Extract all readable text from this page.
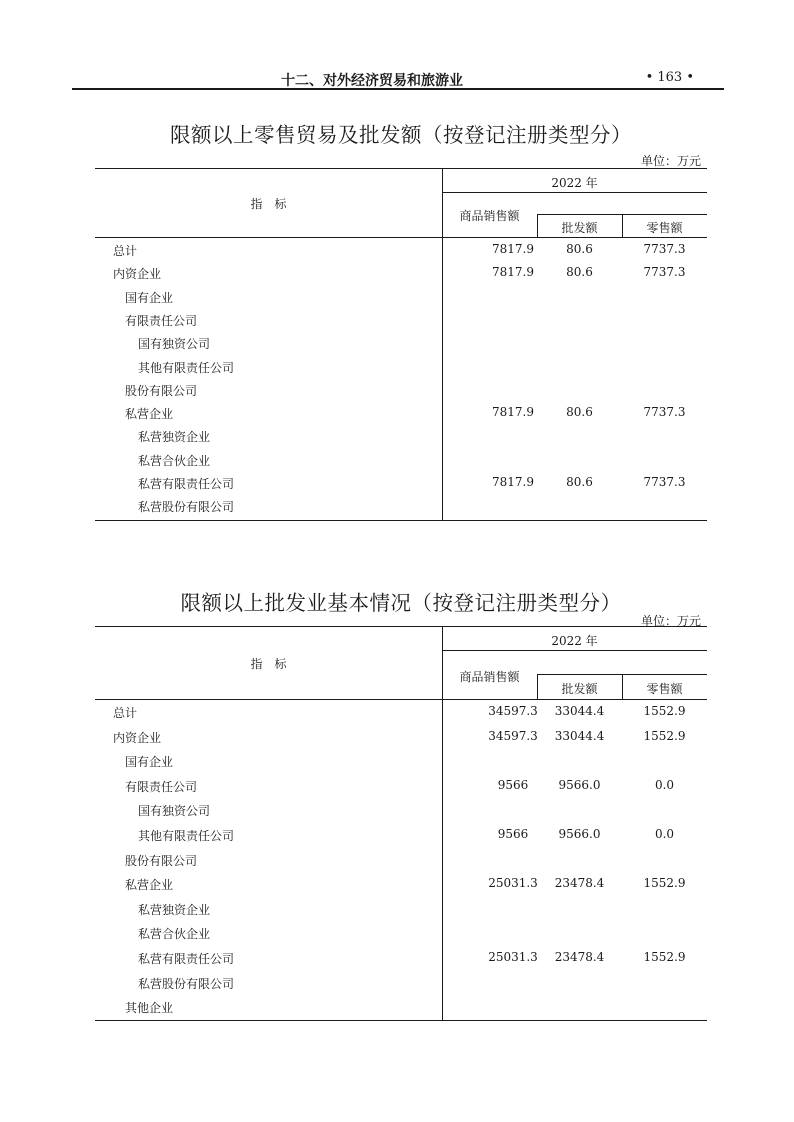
十二、对外经济贸易和旅游业	• 163 •
限额以上零售贸易及批发额（按登记注册类型分）
单位：万元
指　标
2022 年
商品销售额
批发额	零售额
总计	7817.9	80.6	7737.3
内资企业	7817.9	80.6	7737.3
国有企业
有限责任公司
国有独资公司
其他有限责任公司
股份有限公司
私营企业	7817.9	80.6	7737.3
私营独资企业
私营合伙企业
私营有限责任公司	7817.9	80.6	7737.3
私营股份有限公司
限额以上批发业基本情况（按登记注册类型分）
单位：万元
指　标
2022 年
商品销售额
批发额	零售额
总计	34597.3	33044.4	1552.9
内资企业	34597.3	33044.4	1552.9
国有企业
有限责任公司	9566	9566.0	0.0
国有独资公司
其他有限责任公司	9566	9566.0	0.0
股份有限公司
私营企业	25031.3	23478.4	1552.9
私营独资企业
私营合伙企业
私营有限责任公司	25031.3	23478.4	1552.9
私营股份有限公司
其他企业
